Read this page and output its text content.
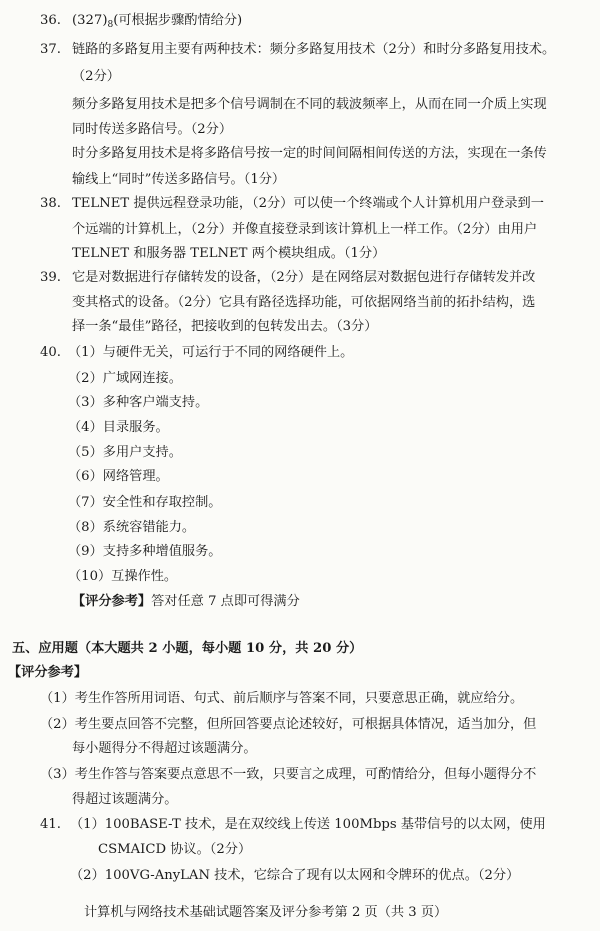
36. $(327)_8$(可根据步骤酌情给分)
37. 链路的多路复用主要有两种技术：频分多路复用技术（2分）和时分多路复用技术。
（2分）
频分多路复用技术是把多个信号调制在不同的载波频率上，从而在同一介质上实现
同时传送多路信号。（2分）
时分多路复用技术是将多路信号按一定的时间间隔相间传送的方法，实现在一条传
输线上“同时”传送多路信号。（1分）
38. TELNET 提供远程登录功能，（2分）可以使一个终端或个人计算机用户登录到一
个远端的计算机上，（2分）并像直接登录到该计算机上一样工作。（2分）由用户
TELNET 和服务器 TELNET 两个模块组成。（1分）
39. 它是对数据进行存储转发的设备，（2分）是在网络层对数据包进行存储转发并改
变其格式的设备。（2分）它具有路径选择功能，可依据网络当前的拓扑结构，选
择一条“最佳”路径，把接收到的包转发出去。（3分）
40. （1）与硬件无关，可运行于不同的网络硬件上。
（2）广域网连接。
（3）多种客户端支持。
（4）目录服务。
（5）多用户支持。
（6）网络管理。
（7）安全性和存取控制。
（8）系统容错能力。
（9）支持多种增值服务。
（10）互操作性。
【评分参考】答对任意 7 点即可得满分
五、应用题（本大题共 2 小题，每小题 10 分，共 20 分）
【评分参考】
（1）考生作答所用词语、句式、前后顺序与答案不同，只要意思正确，就应给分。
（2）考生要点回答不完整，但所回答要点论述较好，可根据具体情况，适当加分，但
每小题得分不得超过该题满分。
（3）考生作答与答案要点意思不一致，只要言之成理，可酌情给分，但每小题得分不
得超过该题满分。
41. （1）100BASE-T 技术，是在双绞线上传送 100Mbps 基带信号的以太网，使用
CSMAICD 协议。（2分）
（2）100VG-AnyLAN 技术，它综合了现有以太网和令牌环的优点。（2分）
计算机与网络技术基础试题答案及评分参考第 2 页（共 3 页）
